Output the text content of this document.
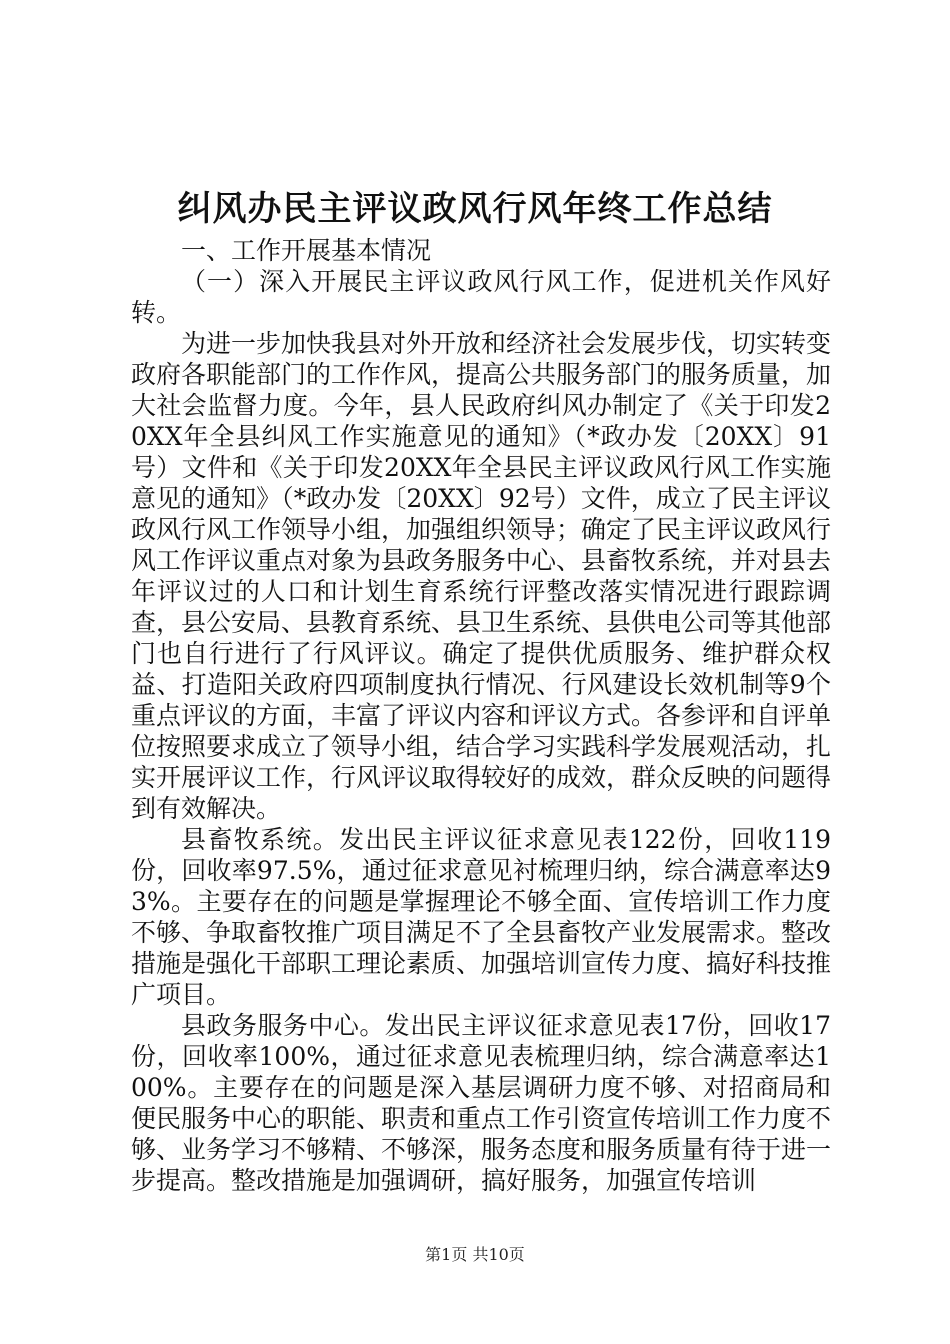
纠风办民主评议政风行风年终工作总结

一、工作开展基本情况

（一）深入开展民主评议政风行风工作，促进机关作风好转。

为进一步加快我县对外开放和经济社会发展步伐，切实转变政府各职能部门的工作作风，提高公共服务部门的服务质量，加大社会监督力度。今年，县人民政府纠风办制定了《关于印发20XX年全县纠风工作实施意见的通知》（*政办发〔20XX〕91号）文件和《关于印发20XX年全县民主评议政风行风工作实施意见的通知》（*政办发〔20XX〕92号）文件，成立了民主评议政风行风工作领导小组，加强组织领导；确定了民主评议政风行风工作评议重点对象为县政务服务中心、县畜牧系统，并对县去年评议过的人口和计划生育系统行评整改落实情况进行跟踪调查，县公安局、县教育系统、县卫生系统、县供电公司等其他部门也自行进行了行风评议。确定了提供优质服务、维护群众权益、打造阳关政府四项制度执行情况、行风建设长效机制等9个重点评议的方面，丰富了评议内容和评议方式。各参评和自评单位按照要求成立了领导小组，结合学习实践科学发展观活动，扎实开展评议工作，行风评议取得较好的成效，群众反映的问题得到有效解决。

县畜牧系统。发出民主评议征求意见表122份，回收119份，回收率97.5%，通过征求意见衬梳理归纳，综合满意率达93%。主要存在的问题是掌握理论不够全面、宣传培训工作力度不够、争取畜牧推广项目满足不了全县畜牧产业发展需求。整改措施是强化干部职工理论素质、加强培训宣传力度、搞好科技推广项目。

县政务服务中心。发出民主评议征求意见表17份，回收17份，回收率100%，通过征求意见表梳理归纳，综合满意率达100%。主要存在的问题是深入基层调研力度不够、对招商局和便民服务中心的职能、职责和重点工作引资宣传培训工作力度不够、业务学习不够精、不够深，服务态度和服务质量有待于进一步提高。整改措施是加强调研，搞好服务，加强宣传培训

第1页 共10页
